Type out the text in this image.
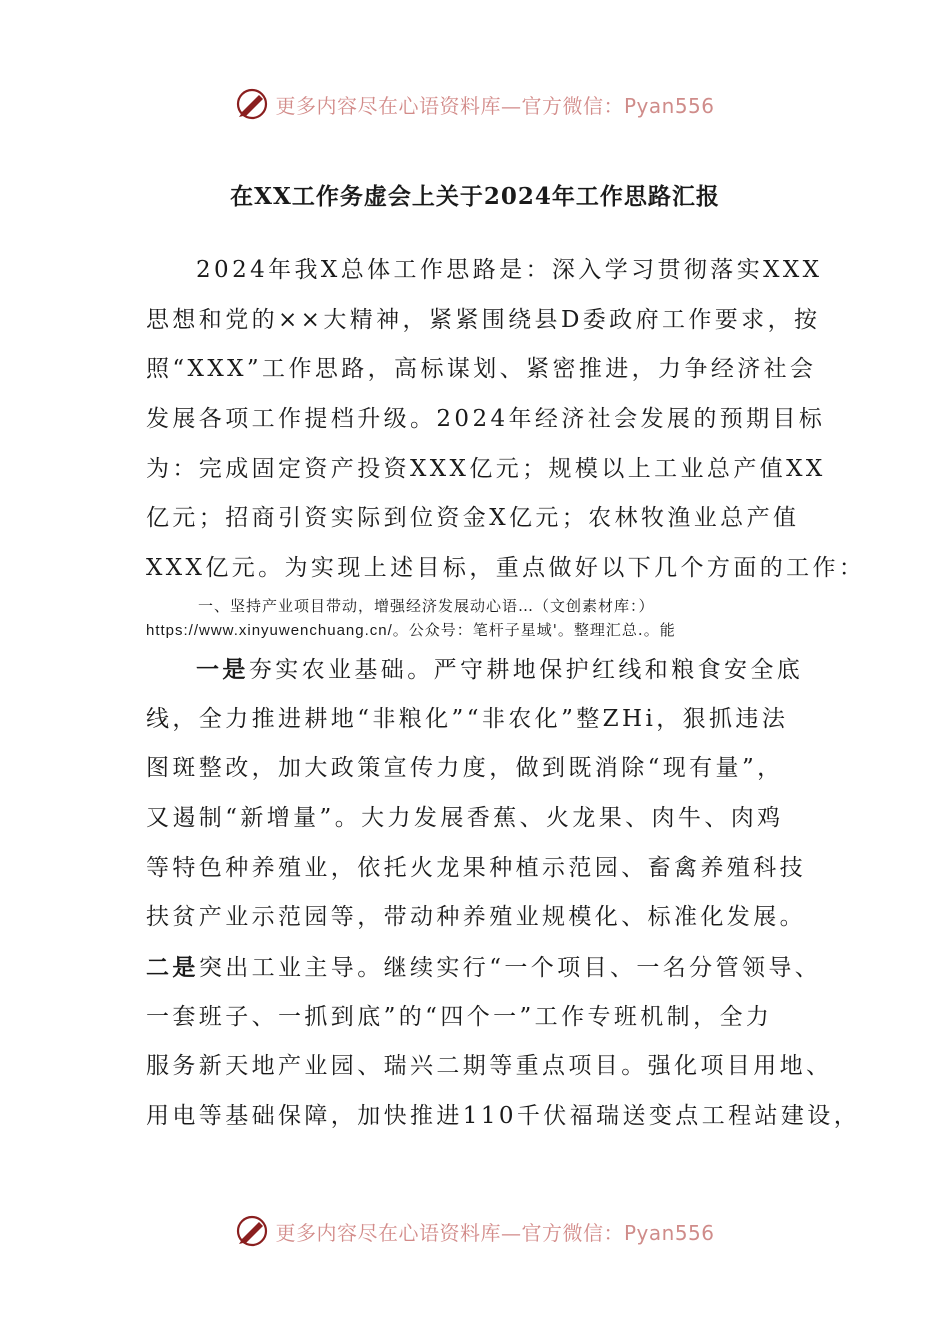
更多内容尽在心语资料库—官方微信：Pyan556
在XX工作务虚会上关于2024年工作思路汇报
2024年我X总体工作思路是：深入学习贯彻落实XXX
思想和党的××大精神，紧紧围绕县D委政府工作要求，按
照“XXX”工作思路，高标谋划、紧密推进，力争经济社会
发展各项工作提档升级。2024年经济社会发展的预期目标
为：完成固定资产投资XXX亿元；规模以上工业总产值XX
亿元；招商引资实际到位资金X亿元；农林牧渔业总产值
XXX亿元。为实现上述目标，重点做好以下几个方面的工作：
一、坚持产业项目带动，增强经济发展动心语…（文创素材库：）
https://www.xinyuwenchuang.cn/。公众号：笔杆子星域'。整理汇总.。能
一是夯实农业基础。严守耕地保护红线和粮食安全底
线，全力推进耕地“非粮化”“非农化”整ZHi，狠抓违法
图斑整改，加大政策宣传力度，做到既消除“现有量”，
又遏制“新增量”。大力发展香蕉、火龙果、肉牛、肉鸡
等特色种养殖业，依托火龙果种植示范园、畜禽养殖科技
扶贫产业示范园等，带动种养殖业规模化、标准化发展。
二是突出工业主导。继续实行“一个项目、一名分管领导、
一套班子、一抓到底”的“四个一”工作专班机制，全力
服务新天地产业园、瑞兴二期等重点项目。强化项目用地、
用电等基础保障，加快推进110千伏福瑞送变点工程站建设，
更多内容尽在心语资料库—官方微信：Pyan556
